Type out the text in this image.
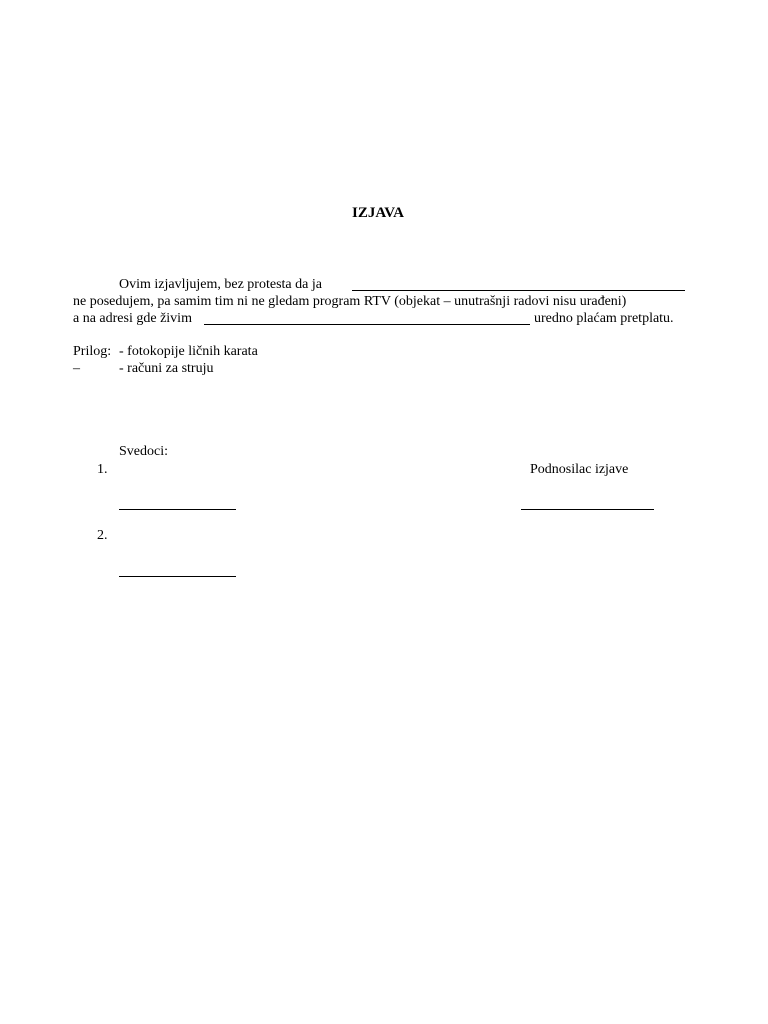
IZJAVA
Ovim izjavljujem, bez protesta da ja
ne posedujem, pa samim tim ni ne gledam program RTV (objekat – unutrašnji radovi nisu urađeni)
a na adresi gde živim	uredno plaćam pretplatu.
Prilog: - fotokopije ličnih karata
–	- računi za struju
Svedoci:
1.	Podnosilac izjave
2.
